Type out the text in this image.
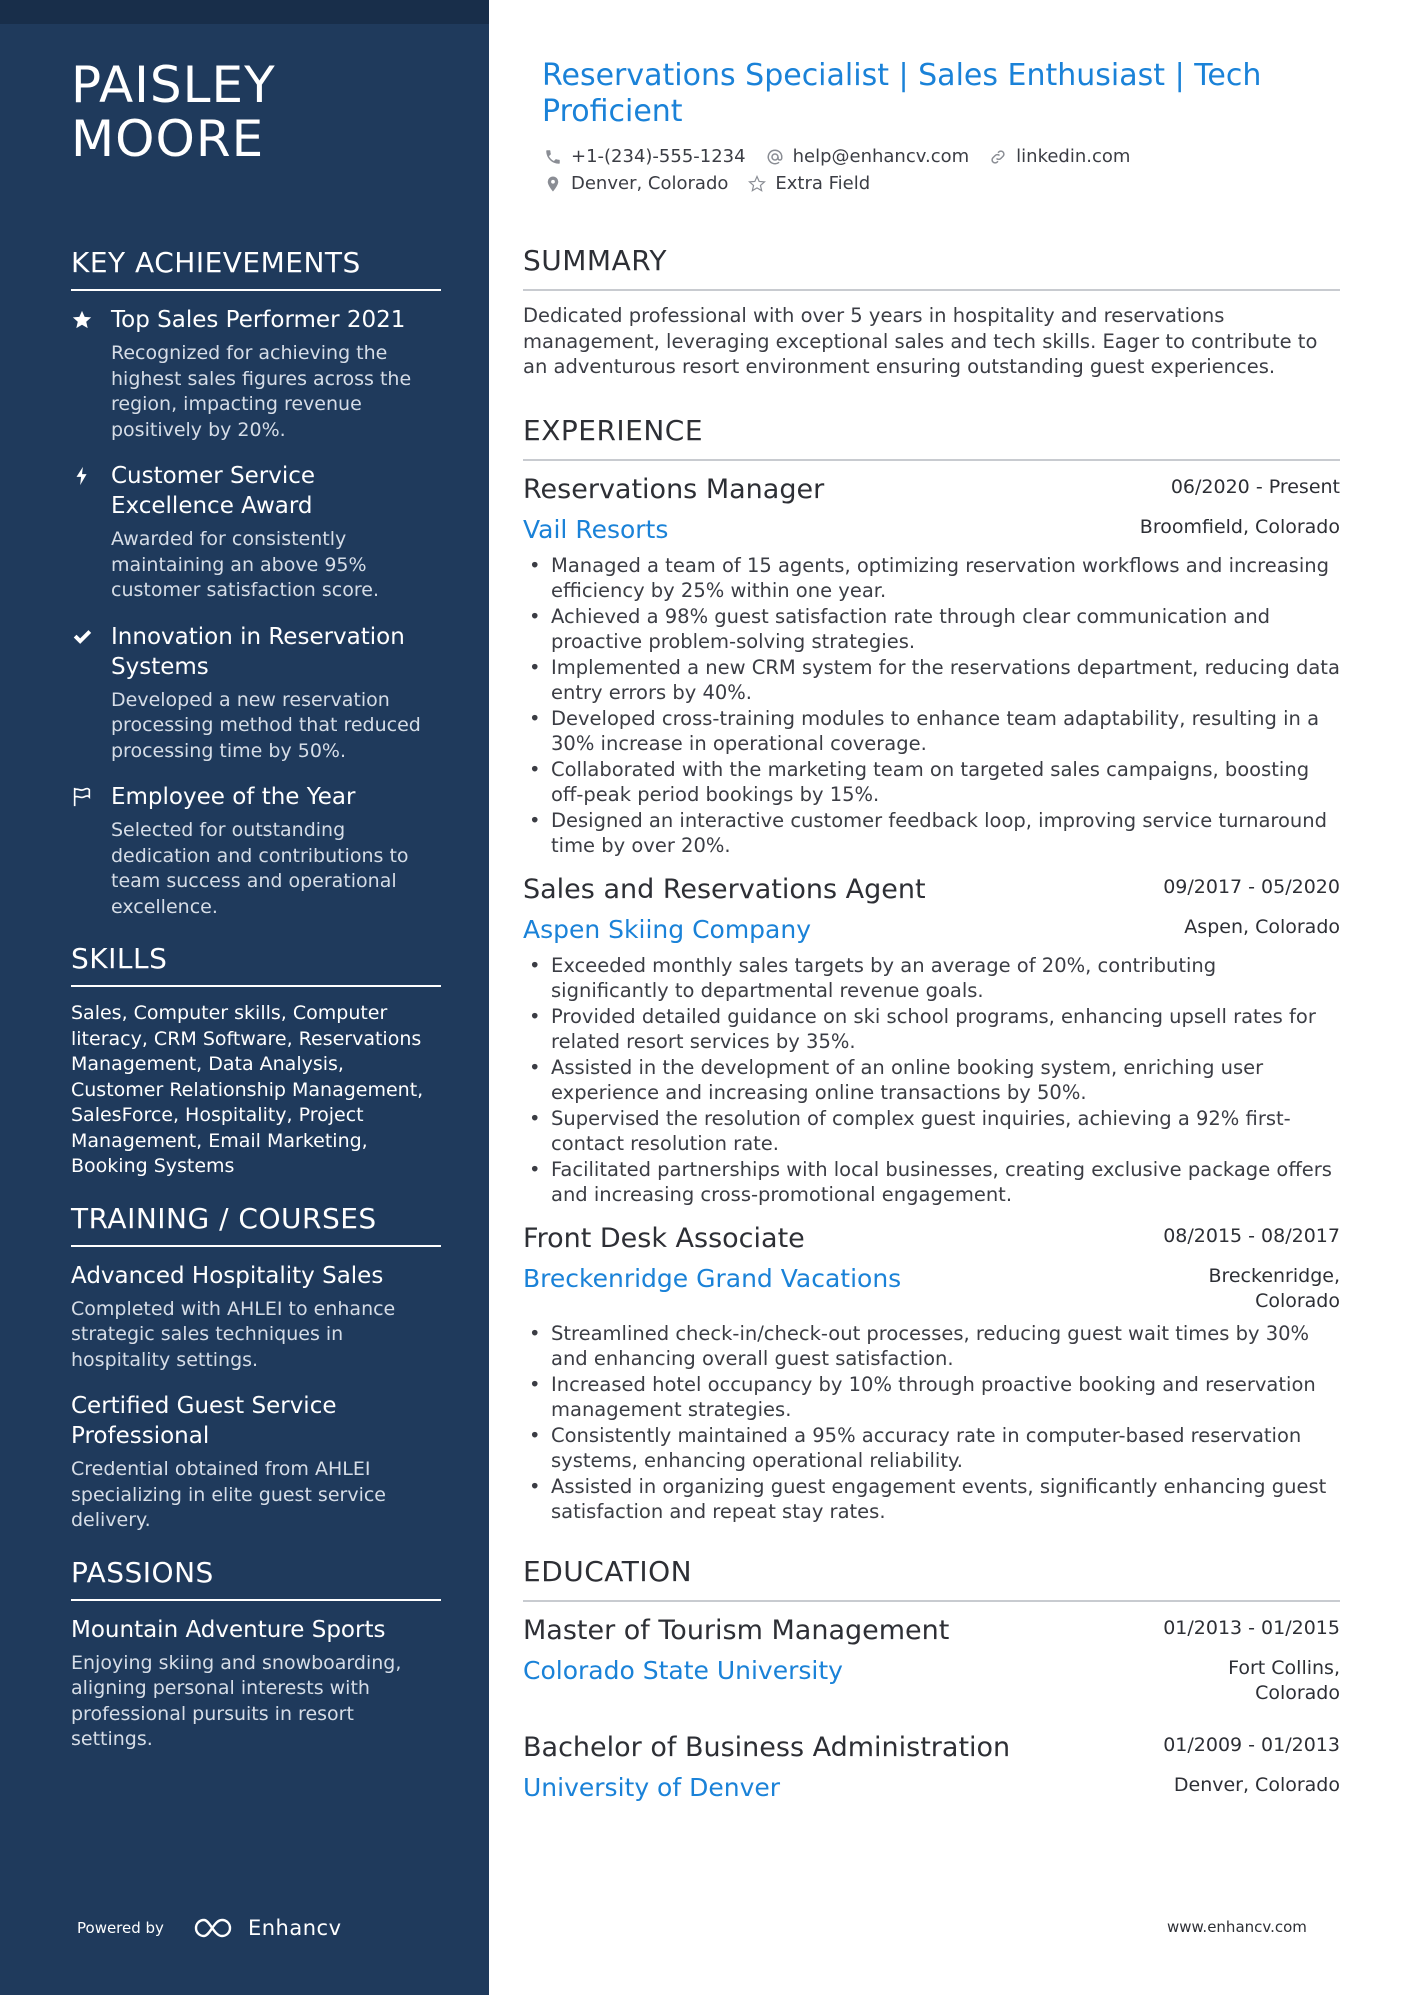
PAISLEY MOORE
KEY ACHIEVEMENTS
Top Sales Performer 2021
Recognized for achieving the highest sales figures across the region, impacting revenue positively by 20%.
Customer Service Excellence Award
Awarded for consistently maintaining an above 95% customer satisfaction score.
Innovation in Reservation Systems
Developed a new reservation processing method that reduced processing time by 50%.
Employee of the Year
Selected for outstanding dedication and contributions to team success and operational excellence.
SKILLS
Sales, Computer skills, Computer literacy, CRM Software, Reservations Management, Data Analysis, Customer Relationship Management, SalesForce, Hospitality, Project Management, Email Marketing, Booking Systems
TRAINING / COURSES
Advanced Hospitality Sales
Completed with AHLEI to enhance strategic sales techniques in hospitality settings.
Certified Guest Service Professional
Credential obtained from AHLEI specializing in elite guest service delivery.
PASSIONS
Mountain Adventure Sports
Enjoying skiing and snowboarding, aligning personal interests with professional pursuits in resort settings.
Powered by	Enhancv
Reservations Specialist | Sales Enthusiast | Tech Proficient
+1-(234)-555-1234	help@enhancv.com	linkedin.com
Denver, Colorado	Extra Field
SUMMARY

Dedicated professional with over 5 years in hospitality and reservations management, leveraging exceptional sales and tech skills. Eager to contribute to an adventurous resort environment ensuring outstanding guest experiences.

EXPERIENCE
Reservations Manager	06/2020 - Present
Vail Resorts	Broomfield, Colorado
• Managed a team of 15 agents, optimizing reservation workflows and increasing efficiency by 25% within one year.
• Achieved a 98% guest satisfaction rate through clear communication and proactive problem-solving strategies.
• Implemented a new CRM system for the reservations department, reducing data entry errors by 40%.
• Developed cross-training modules to enhance team adaptability, resulting in a 30% increase in operational coverage.
• Collaborated with the marketing team on targeted sales campaigns, boosting off-peak period bookings by 15%.
• Designed an interactive customer feedback loop, improving service turnaround time by over 20%.
Sales and Reservations Agent	09/2017 - 05/2020
Aspen Skiing Company	Aspen, Colorado
• Exceeded monthly sales targets by an average of 20%, contributing significantly to departmental revenue goals.
• Provided detailed guidance on ski school programs, enhancing upsell rates for related resort services by 35%.
• Assisted in the development of an online booking system, enriching user experience and increasing online transactions by 50%.
• Supervised the resolution of complex guest inquiries, achieving a 92% first-contact resolution rate.
• Facilitated partnerships with local businesses, creating exclusive package offers and increasing cross-promotional engagement.
Front Desk Associate	08/2015 - 08/2017
Breckenridge Grand Vacations	Breckenridge, Colorado
• Streamlined check-in/check-out processes, reducing guest wait times by 30% and enhancing overall guest satisfaction.
• Increased hotel occupancy by 10% through proactive booking and reservation management strategies.
• Consistently maintained a 95% accuracy rate in computer-based reservation systems, enhancing operational reliability.
• Assisted in organizing guest engagement events, significantly enhancing guest satisfaction and repeat stay rates.
EDUCATION
Master of Tourism Management	01/2013 - 01/2015
Colorado State University	Fort Collins, Colorado
Bachelor of Business Administration	01/2009 - 01/2013
University of Denver	Denver, Colorado
www.enhancv.com
